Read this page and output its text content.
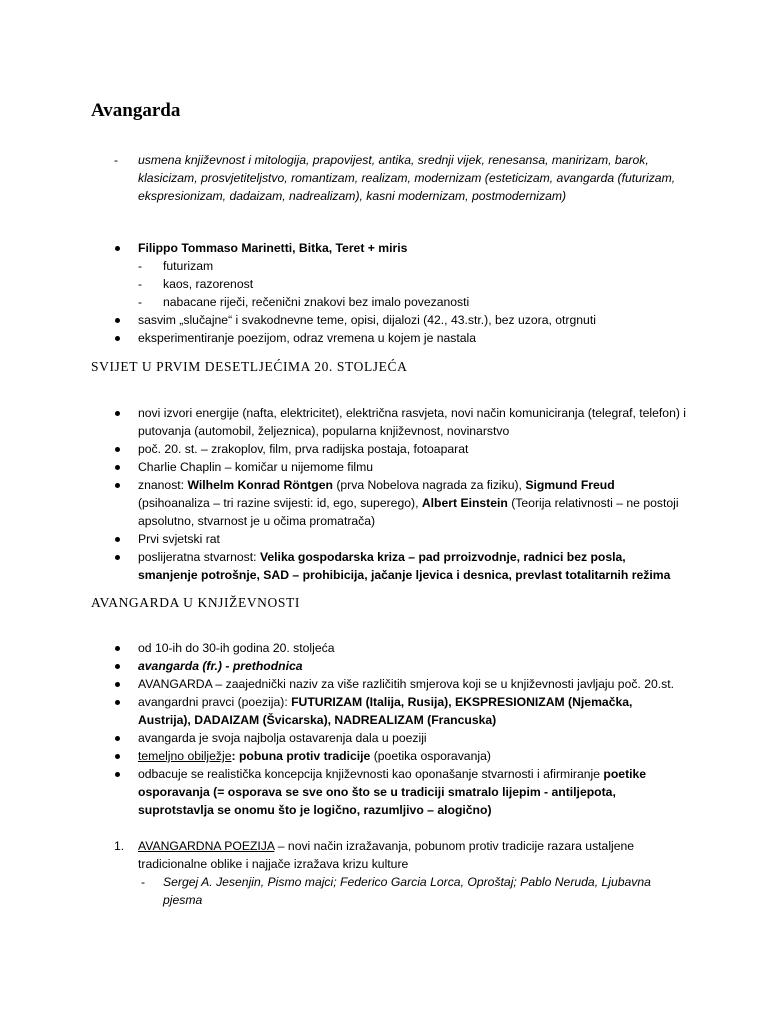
Avangarda
- usmena književnost i mitologija, prapovijest, antika, srednji vijek, renesansa, manirizam, barok, klasicizam, prosvjetiteljstvo, romantizam, realizam, modernizam (esteticizam, avangarda (futurizam, ekspresionizam, dadaizam, nadrealizam), kasni modernizam, postmodernizam)
Filippo Tommaso Marinetti, Bitka, Teret + miris
- futurizam
- kaos, razorenost
- nabacane riječi, rečenični znakovi bez imalo povezanosti
sasvim „slučajne“ i svakodnevne teme, opisi, dijalozi (42., 43.str.), bez uzora, otrgnuti
eksperimentiranje poezijom, odraz vremena u kojem je nastala
SVIJET U PRVIM DESETLJEĆIMA 20. STOLJEĆA
novi izvori energije (nafta, elektricitet), električna rasvjeta, novi način komuniciranja (telegraf, telefon) i putovanja (automobil, željeznica), popularna književnost, novinarstvo
poč. 20. st. – zrakoplov, film, prva radijska postaja, fotoaparat
Charlie Chaplin – komičar u nijemome filmu
znanost: Wilhelm Konrad Röntgen (prva Nobelova nagrada za fiziku), Sigmund Freud (psihoanaliza – tri razine svijesti: id, ego, superego), Albert Einstein (Teorija relativnosti – ne postoji apsolutno, stvarnost je u očima promatrača)
Prvi svjetski rat
poslijeratna stvarnost: Velika gospodarska kriza – pad prroizvodnje, radnici bez posla, smanjenje potrošnje, SAD – prohibicija, jačanje ljevica i desnica, prevlast totalitarnih režima
AVANGARDA U KNJIŽEVNOSTI
od 10-ih do 30-ih godina 20. stoljeća
avangarda (fr.) - prethodnica
AVANGARDA – zaajednički naziv za više različitih smjerova koji se u književnosti javljaju poč. 20.st.
avangardni pravci (poezija): FUTURIZAM (Italija, Rusija), EKSPRESIONIZAM (Njemačka, Austrija), DADAIZAM (Švicarska), NADREALIZAM (Francuska)
avangarda je svoja najbolja ostavarenja dala u poeziji
temeljno obilježje: pobuna protiv tradicije (poetika osporavanja)
odbacuje se realistička koncepcija književnosti kao oponašanje stvarnosti i afirmiranje poetike osporavanja (= osporava se sve ono što se u tradiciji smatralo lijepim - antiljepota, suprotstavlja se onomu što je logično, razumljivo – alogično)
1. AVANGARDNA POEZIJA – novi način izražavanja, pobunom protiv tradicije razara ustaljene tradicionalne oblike i najjače izražava krizu kulture
- Sergej A. Jesenjin, Pismo majci; Federico Garcia Lorca, Oproštaj; Pablo Neruda, Ljubavna pjesma
